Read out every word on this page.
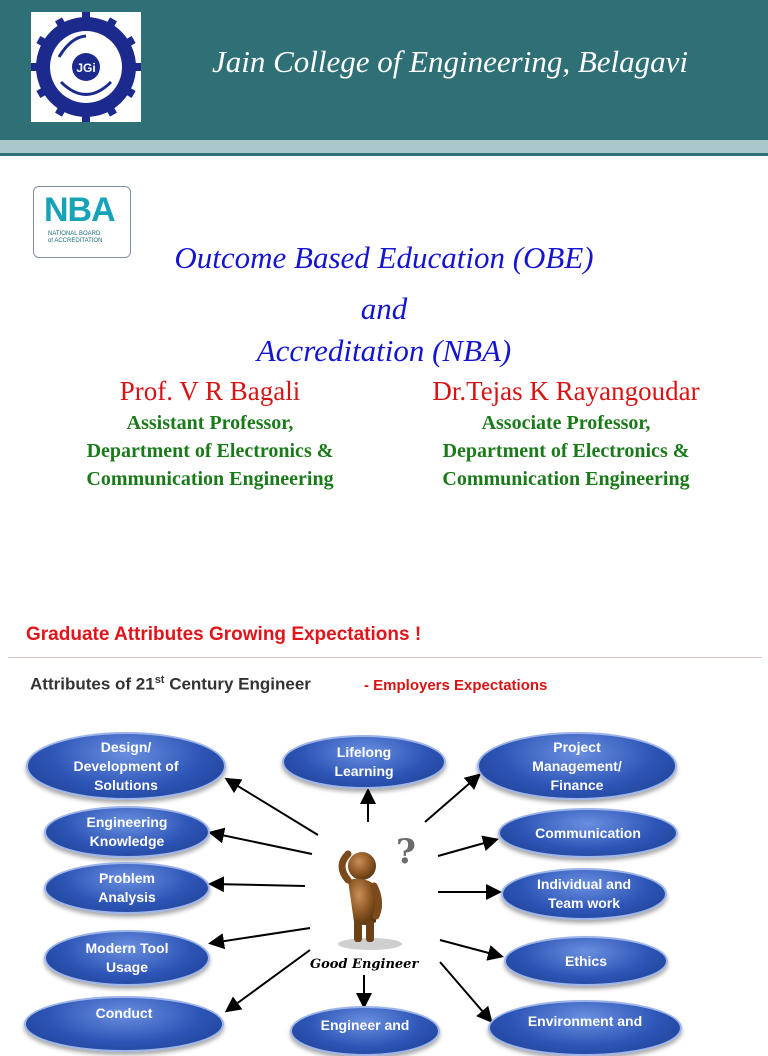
JGi	Jain College of Engineering, Belagavi
NBA
NATIONAL BOARD
of ACCREDITATION	Outcome Based Education (OBE)
and
Accreditation (NBA)
Prof. V R Bagali
Assistant Professor,
Department of Electronics &
Communication Engineering
Dr.Tejas K Rayangoudar
Associate Professor,
Department of Electronics &
Communication Engineering
Graduate Attributes Growing Expectations !
Attributes of 21st Century Engineer	- Employers Expectations
Design/
Development of
Solutions
Lifelong
Learning
Project
Management/
Finance
Engineering
Knowledge
Communication
Problem
Analysis
Individual and
Team work
Modern Tool
Usage	Ethics
Conduct
Engineer and	Environment and
?
Good Engineer
